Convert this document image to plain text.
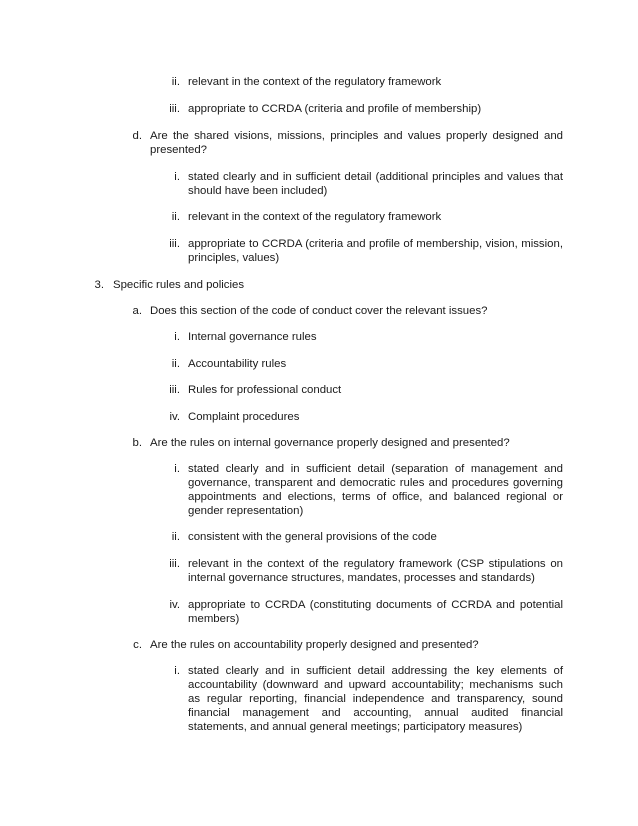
ii. relevant in the context of the regulatory framework
iii. appropriate to CCRDA (criteria and profile of membership)
d. Are the shared visions, missions, principles and values properly designed and presented?
i. stated clearly and in sufficient detail (additional principles and values that should have been included)
ii. relevant in the context of the regulatory framework
iii. appropriate to CCRDA (criteria and profile of membership, vision, mission, principles, values)
3. Specific rules and policies
a. Does this section of the code of conduct cover the relevant issues?
i. Internal governance rules
ii. Accountability rules
iii. Rules for professional conduct
iv. Complaint procedures
b. Are the rules on internal governance properly designed and presented?
i. stated clearly and in sufficient detail (separation of management and governance, transparent and democratic rules and procedures governing appointments and elections, terms of office, and balanced regional or gender representation)
ii. consistent with the general provisions of the code
iii. relevant in the context of the regulatory framework (CSP stipulations on internal governance structures, mandates, processes and standards)
iv. appropriate to CCRDA (constituting documents of CCRDA and potential members)
c. Are the rules on accountability properly designed and presented?
i. stated clearly and in sufficient detail addressing the key elements of accountability (downward and upward accountability; mechanisms such as regular reporting, financial independence and transparency, sound financial management and accounting, annual audited financial statements, and annual general meetings; participatory measures)
